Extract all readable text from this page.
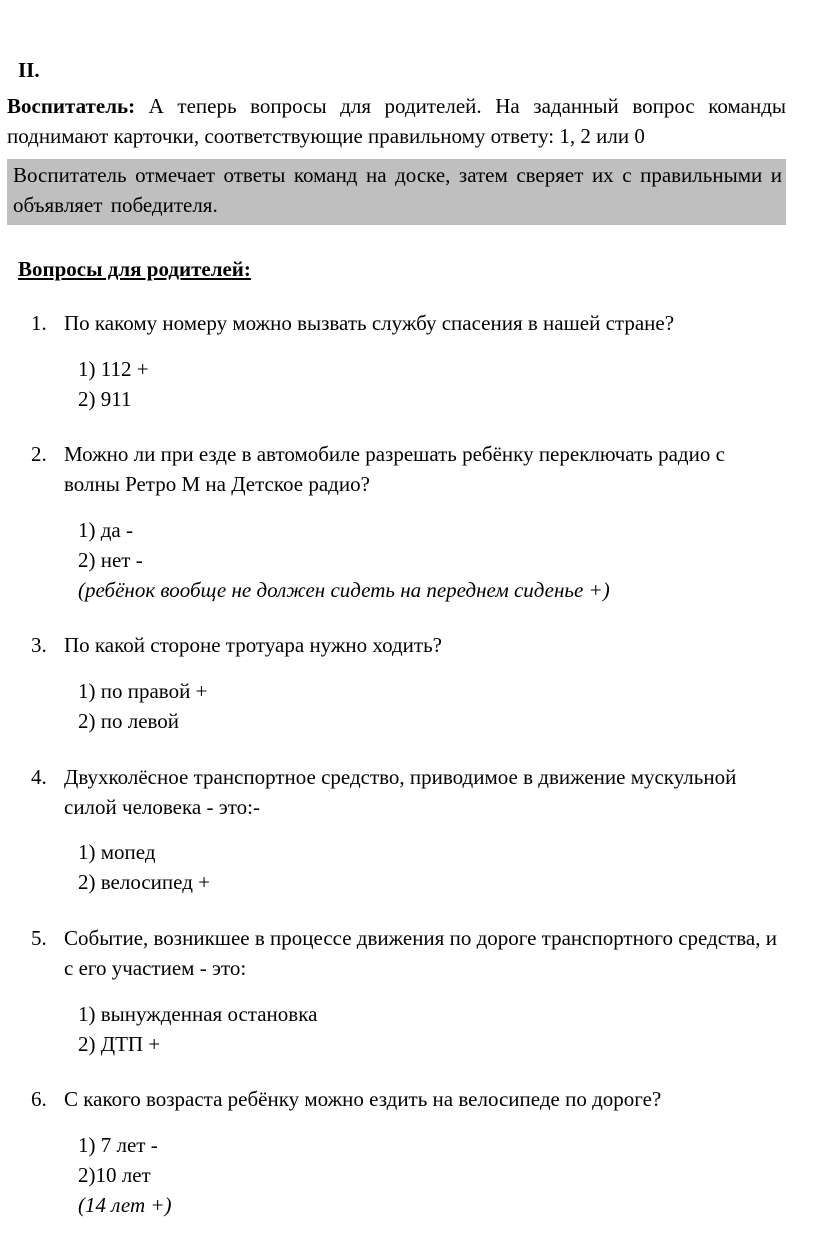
II.
Воспитатель: А теперь вопросы для родителей. На заданный вопрос команды поднимают карточки, соответствующие правильному ответу: 1, 2 или 0
Воспитатель отмечает ответы команд на доске, затем сверяет их с правильными и объявляет победителя.
Вопросы для родителей:
1. По какому номеру можно вызвать службу спасения в нашей стране?
1) 112 +
2) 911
2. Можно ли при езде в автомобиле разрешать ребёнку переключать радио с волны Ретро М на Детское радио?
1) да -
2) нет -
(ребёнок вообще не должен сидеть на переднем сиденье +)
3. По какой стороне тротуара нужно ходить?
1) по правой +
2) по левой
4. Двухколёсное транспортное средство, приводимое в движение мускульной силой человека - это:-
1) мопед
2) велосипед +
5. Событие, возникшее в процессе движения по дороге транспортного средства, и с его участием - это:
1) вынужденная остановка
2) ДТП +
6. С какого возраста ребёнку можно ездить на велосипеде по дороге?
1) 7 лет -
2)10 лет
(14 лет +)
